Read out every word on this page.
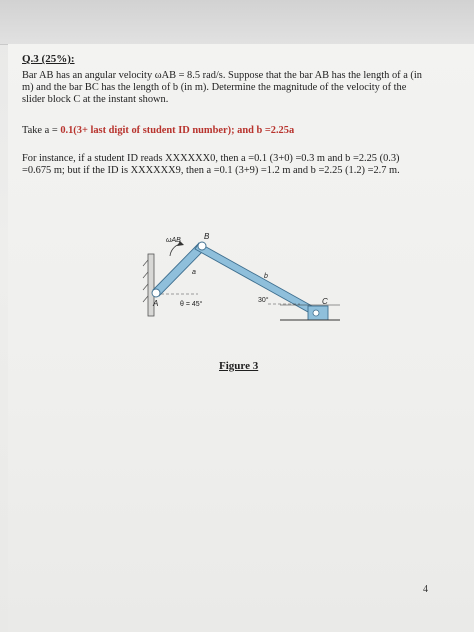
Q.3 (25%):
Bar AB has an angular velocity ωAB = 8.5 rad/s. Suppose that the bar AB has the length of a (in
m) and the bar BC has the length of b (in m). Determine the magnitude of the velocity of the
slider block C at the instant shown.
Take a = 0.1(3+ last digit of student ID number); and b =2.25a
For instance, if a student ID reads XXXXXX0, then a =0.1 (3+0) =0.3 m and b =2.25 (0.3)
=0.675 m; but if the ID is XXXXXX9, then a =0.1 (3+9) =1.2 m and b =2.25 (1.2) =2.7 m.
ωAB	B
A	C
a
b
θ = 45°
30°
Figure 3
4
